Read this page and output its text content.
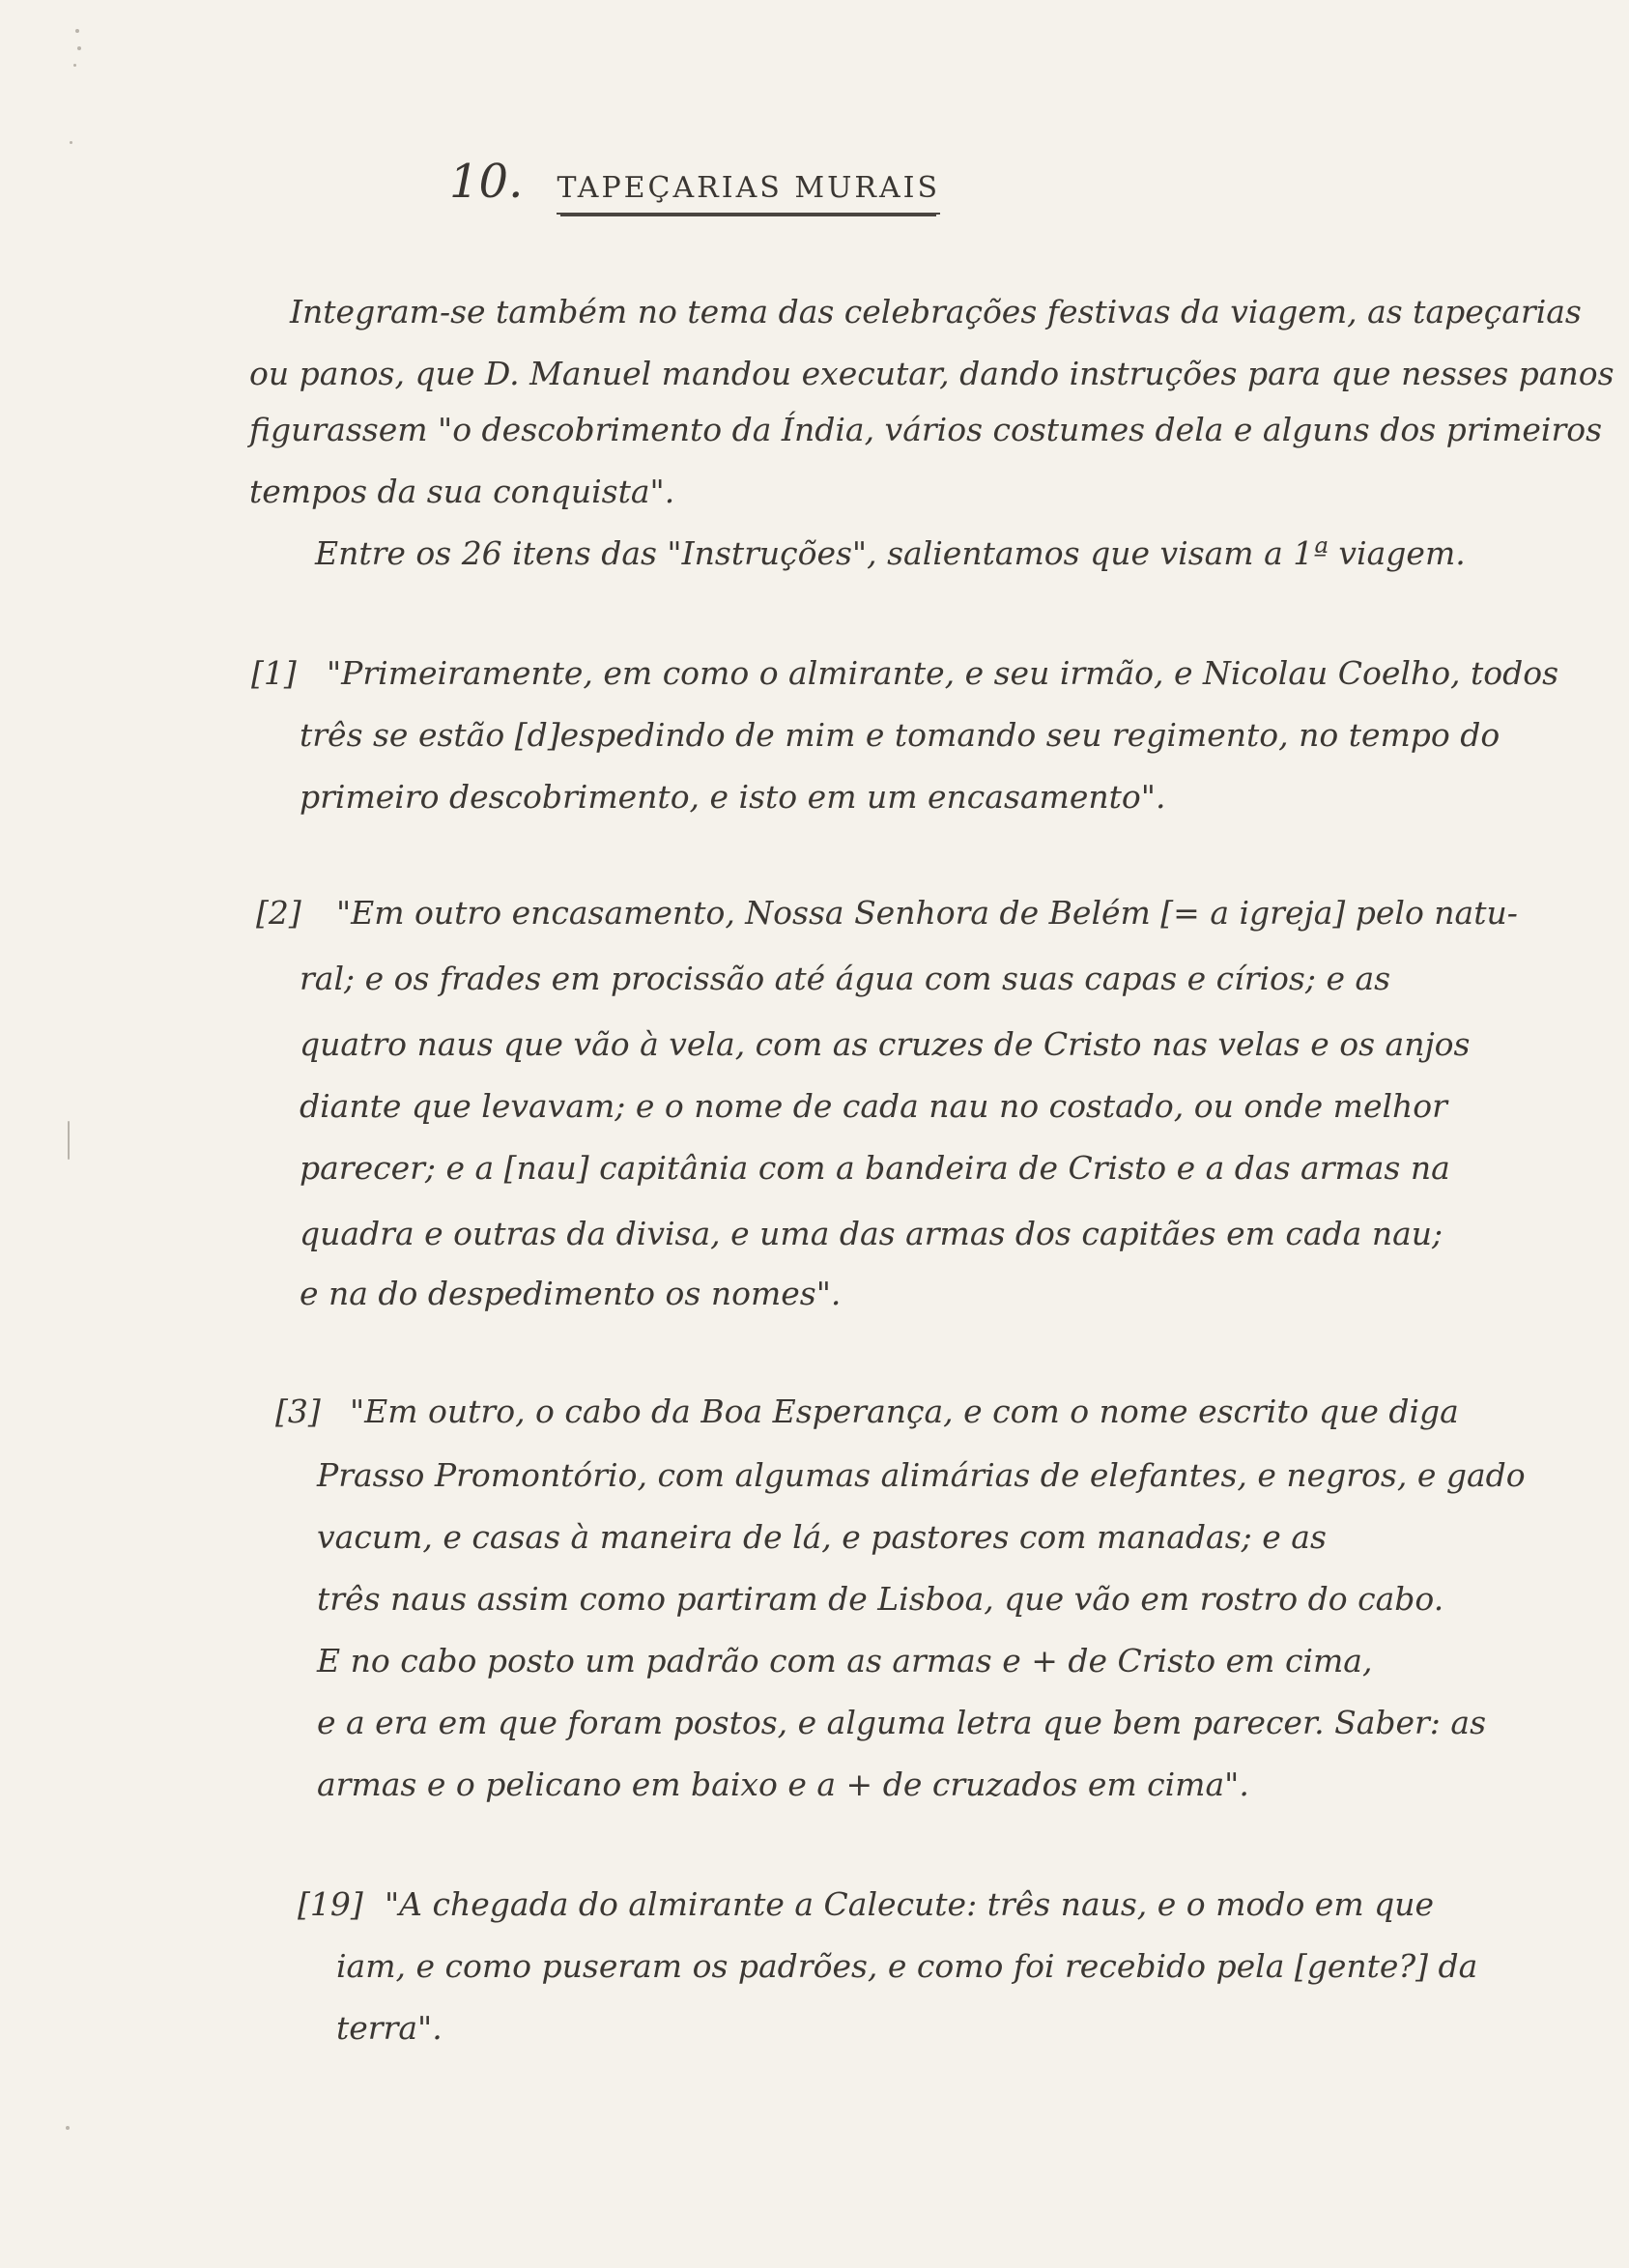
10. TAPEÇARIAS MURAIS
Integram-se também no tema das celebrações festivas da viagem, as tapeçarias
ou panos, que D. Manuel mandou executar, dando instruções para que nesses panos
figurassem "o descobrimento da Índia, vários costumes dela e alguns dos primeiros
tempos da sua conquista".
Entre os 26 itens das "Instruções", salientamos que visam a 1ª viagem.
[1] "Primeiramente, em como o almirante, e seu irmão, e Nicolau Coelho, todos
três se estão [d]espedindo de mim e tomando seu regimento, no tempo do
primeiro descobrimento, e isto em um encasamento".
[2] "Em outro encasamento, Nossa Senhora de Belém [= a igreja] pelo natu-
ral; e os frades em procissão até água com suas capas e círios; e as
quatro naus que vão à vela, com as cruzes de Cristo nas velas e os anjos
diante que levavam; e o nome de cada nau no costado, ou onde melhor
parecer; e a [nau] capitânia com a bandeira de Cristo e a das armas na
quadra e outras da divisa, e uma das armas dos capitães em cada nau;
e na do despedimento os nomes".
[3] "Em outro, o cabo da Boa Esperança, e com o nome escrito que diga
Prasso Promontório, com algumas alimárias de elefantes, e negros, e gado
vacum, e casas à maneira de lá, e pastores com manadas; e as
três naus assim como partiram de Lisboa, que vão em rostro do cabo.
E no cabo posto um padrão com as armas e + de Cristo em cima,
e a era em que foram postos, e alguma letra que bem parecer. Saber: as
armas e o pelicano em baixo e a + de cruzados em cima".
[19] "A chegada do almirante a Calecute: três naus, e o modo em que
iam, e como puseram os padrões, e como foi recebido pela [gente?] da
terra".
